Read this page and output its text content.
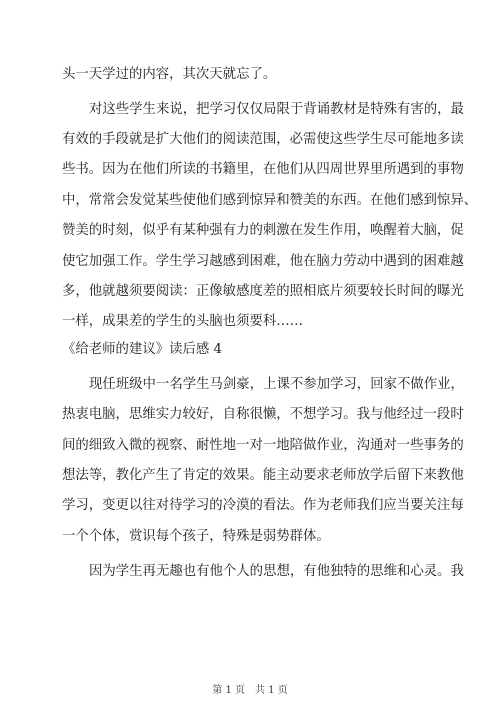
头一天学过的内容，其次天就忘了。
对这些学生来说，把学习仅仅局限于背诵教材是特殊有害的，最
有效的手段就是扩大他们的阅读范围，必需使这些学生尽可能地多读
些书。因为在他们所读的书籍里，在他们从四周世界里所遇到的事物
中，常常会发觉某些使他们感到惊异和赞美的东西。在他们感到惊异、
赞美的时刻，似乎有某种强有力的刺激在发生作用，唤醒着大脑，促
使它加强工作。学生学习越感到困难，他在脑力劳动中遇到的困难越
多，他就越须要阅读：正像敏感度差的照相底片须要较长时间的曝光
一样，成果差的学生的头脑也须要科……
《给老师的建议》读后感 4
现任班级中一名学生马剑豪，上课不参加学习，回家不做作业，
热衷电脑，思维实力较好，自称很懒，不想学习。我与他经过一段时
间的细致入微的视察、耐性地一对一地陪做作业，沟通对一些事务的
想法等，教化产生了肯定的效果。能主动要求老师放学后留下来教他
学习，变更以往对待学习的冷漠的看法。作为老师我们应当要关注每
一个个体，赏识每个孩子，特殊是弱势群体。
因为学生再无趣也有他个人的思想，有他独特的思维和心灵。我
第 1 页　共 1 页
